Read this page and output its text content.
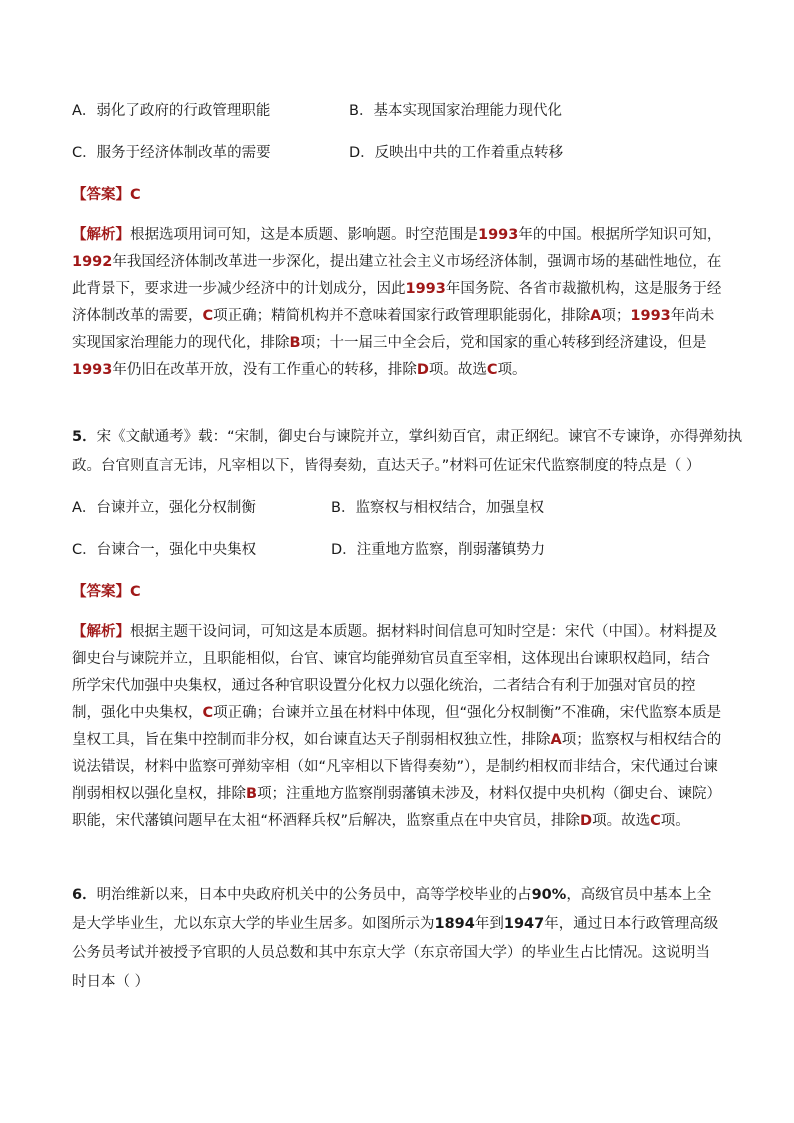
A．弱化了政府的行政管理职能	B．基本实现国家治理能力现代化
C．服务于经济体制改革的需要	D．反映出中共的工作着重点转移
【答案】C
【解析】根据选项用词可知，这是本质题、影响题。时空范围是1993年的中国。根据所学知识可知，1992年我国经济体制改革进一步深化，提出建立社会主义市场经济体制，强调市场的基础性地位，在此背景下，要求进一步减少经济中的计划成分，因此1993年国务院、各省市裁撤机构，这是服务于经济体制改革的需要，C项正确；精简机构并不意味着国家行政管理职能弱化，排除A项；1993年尚未实现国家治理能力的现代化，排除B项；十一届三中全会后，党和国家的重心转移到经济建设，但是1993年仍旧在改革开放，没有工作重心的转移，排除D项。故选C项。
5．宋《文献通考》载：“宋制，御史台与谏院并立，掌纠劾百官，肃正纲纪。谏官不专谏诤，亦得弹劾执
政。台官则直言无讳，凡宰相以下，皆得奏劾，直达天子。”材料可佐证宋代监察制度的特点是（ ）
A．台谏并立，强化分权制衡	B．监察权与相权结合，加强皇权
C．台谏合一，强化中央集权	D．注重地方监察，削弱藩镇势力
【答案】C
【解析】根据主题干设问词，可知这是本质题。据材料时间信息可知时空是：宋代（中国）。材料提及御史台与谏院并立，且职能相似，台官、谏官均能弹劾官员直至宰相，这体现出台谏职权趋同，结合所学宋代加强中央集权，通过各种官职设置分化权力以强化统治，二者结合有利于加强对官员的控制，强化中央集权，C项正确；台谏并立虽在材料中体现，但“强化分权制衡”不准确，宋代监察本质是皇权工具，旨在集中控制而非分权，如台谏直达天子削弱相权独立性，排除A项；监察权与相权结合的说法错误，材料中监察可弹劾宰相（如“凡宰相以下皆得奏劾”），是制约相权而非结合，宋代通过台谏削弱相权以强化皇权，排除B项；注重地方监察削弱藩镇未涉及，材料仅提中央机构（御史台、谏院）职能，宋代藩镇问题早在太祖“杯酒释兵权”后解决，监察重点在中央官员，排除D项。故选C项。
6．明治维新以来，日本中央政府机关中的公务员中，高等学校毕业的占90%，高级官员中基本上全是大学毕业生，尤以东京大学的毕业生居多。如图所示为1894年到1947年，通过日本行政管理高级公务员考试并被授予官职的人员总数和其中东京大学（东京帝国大学）的毕业生占比情况。这说明当时日本（ ）
